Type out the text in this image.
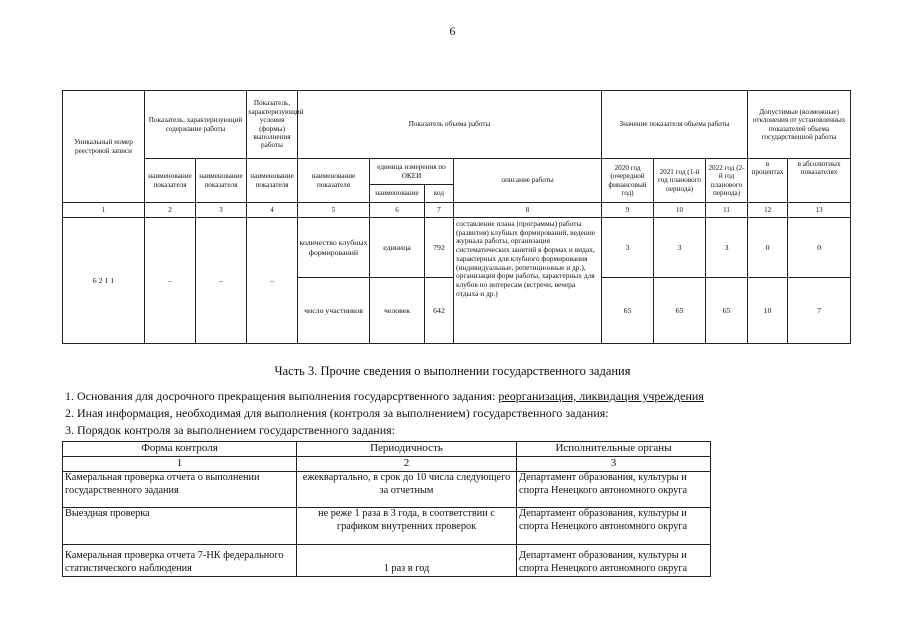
6
Уникальный номер реестровой записи	Показатель, характеризующий содержание работы		Показатель, характеризующий условия (формы) выполнения работы	Показатель объема работы				Значение показателя объема работы			Допустимые (возможные) отклонения от установленных показателей объема государственной работы	
	наименование показателя	наименование показателя	наименование показателя	наименование показателя	единица измерения по ОКЕИ		описание работы	2020 год (очередной финансовый год)	2021 год (1-й год планового периода)	2022 год (2-й год планового периода)	в процентах	в абсолютных показателях
					наименование	код						
1	2	3	4	5	6	7	8	9	10	11	12	13
6 2 1 1	–	–	–	количество клубных формирований	единица	792	составление плана (программы) работы (развития) клубных формирований, ведение журнала работы, организация систематических занятий в формах и видах, характерных для клубного формирования (индивидуальные, репетиционные и др.), организация форм работы, характерных для клубов по интересам (встречи, вечера отдыха и др.)	3	3	3	0	0
				число участников	человек	642		65	65	65	10	7
Часть 3. Прочие сведения о выполнении государственного задания
1. Основания для досрочного прекращения выполнения государсртвенного задания: реорганизация, ликвидация учреждения
2. Иная информация, необходимая для выполнения (контроля за выполнением) государственного задания:
3. Порядок контроля за выполнением государственного задания:
Форма контроля	Периодичность	Исполнительные органы
1	2	3
Камеральная проверка отчета о выполнении государственного задания	ежеквартально, в срок до 10 числа следующего за отчетным	Департамент образования, культуры и спорта Ненецкого автономного округа
Выездная проверка	не реже 1 раза в 3 года, в соответствии с графиком внутренних проверок	Департамент образования, культуры и спорта Ненецкого автономного округа
Камеральная проверка отчета 7-НК федерального статистического наблюдения	1 раз в год	Департамент образования, культуры и спорта Ненецкого автономного округа
